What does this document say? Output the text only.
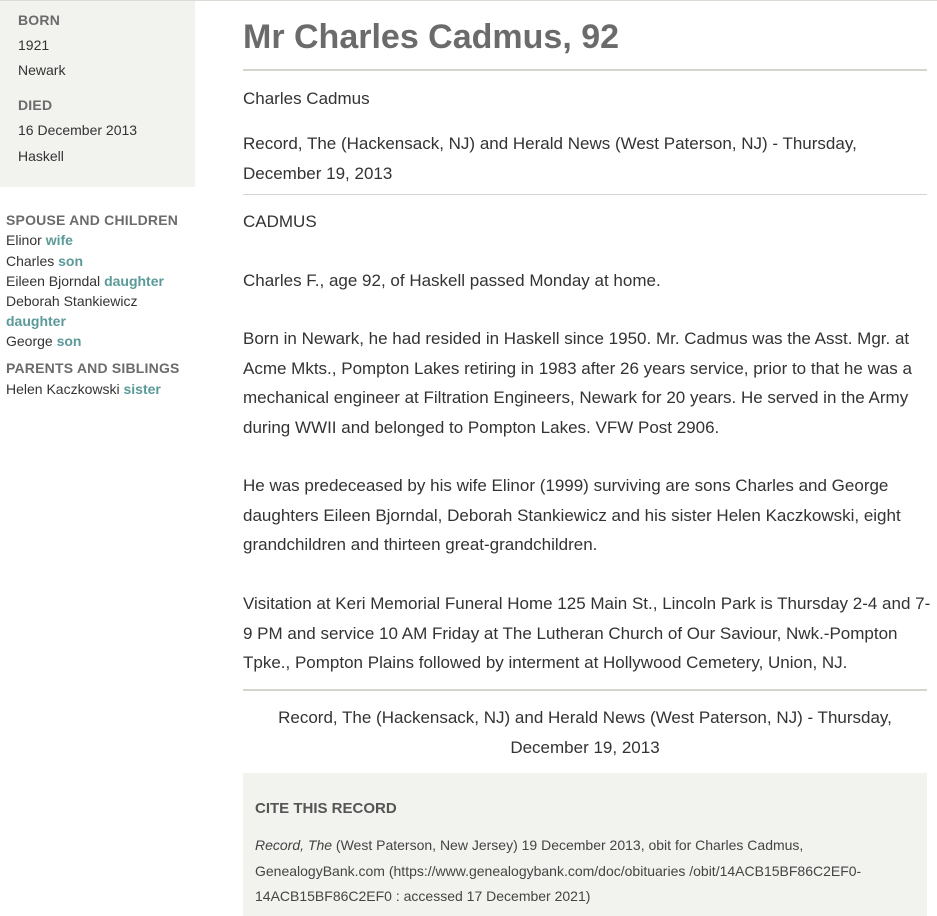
BORN
1921
Newark
DIED
16 December 2013
Haskell
SPOUSE AND CHILDREN
Elinor wife
Charles son
Eileen Bjorndal daughter
Deborah Stankiewicz
daughter
George son
PARENTS AND SIBLINGS
Helen Kaczkowski sister
Mr Charles Cadmus, 92
Charles Cadmus
Record, The (Hackensack, NJ) and Herald News (West Paterson, NJ) - Thursday, December 19, 2013
CADMUS
Charles F., age 92, of Haskell passed Monday at home.
Born in Newark, he had resided in Haskell since 1950. Mr. Cadmus was the Asst. Mgr. at Acme Mkts., Pompton Lakes retiring in 1983 after 26 years service, prior to that he was a mechanical engineer at Filtration Engineers, Newark for 20 years. He served in the Army during WWII and belonged to Pompton Lakes. VFW Post 2906.
He was predeceased by his wife Elinor (1999) surviving are sons Charles and George daughters Eileen Bjorndal, Deborah Stankiewicz and his sister Helen Kaczkowski, eight grandchildren and thirteen great-grandchildren.
Visitation at Keri Memorial Funeral Home 125 Main St., Lincoln Park is Thursday 2-4 and 7-9 PM and service 10 AM Friday at The Lutheran Church of Our Saviour, Nwk.-Pompton Tpke., Pompton Plains followed by interment at Hollywood Cemetery, Union, NJ.
Record, The (Hackensack, NJ) and Herald News (West Paterson, NJ) - Thursday, December 19, 2013
CITE THIS RECORD
Record, The (West Paterson, New Jersey) 19 December 2013, obit for Charles Cadmus, GenealogyBank.com (https://www.genealogybank.com/doc/obituaries /obit/14ACB15BF86C2EF0-14ACB15BF86C2EF0 : accessed 17 December 2021)
